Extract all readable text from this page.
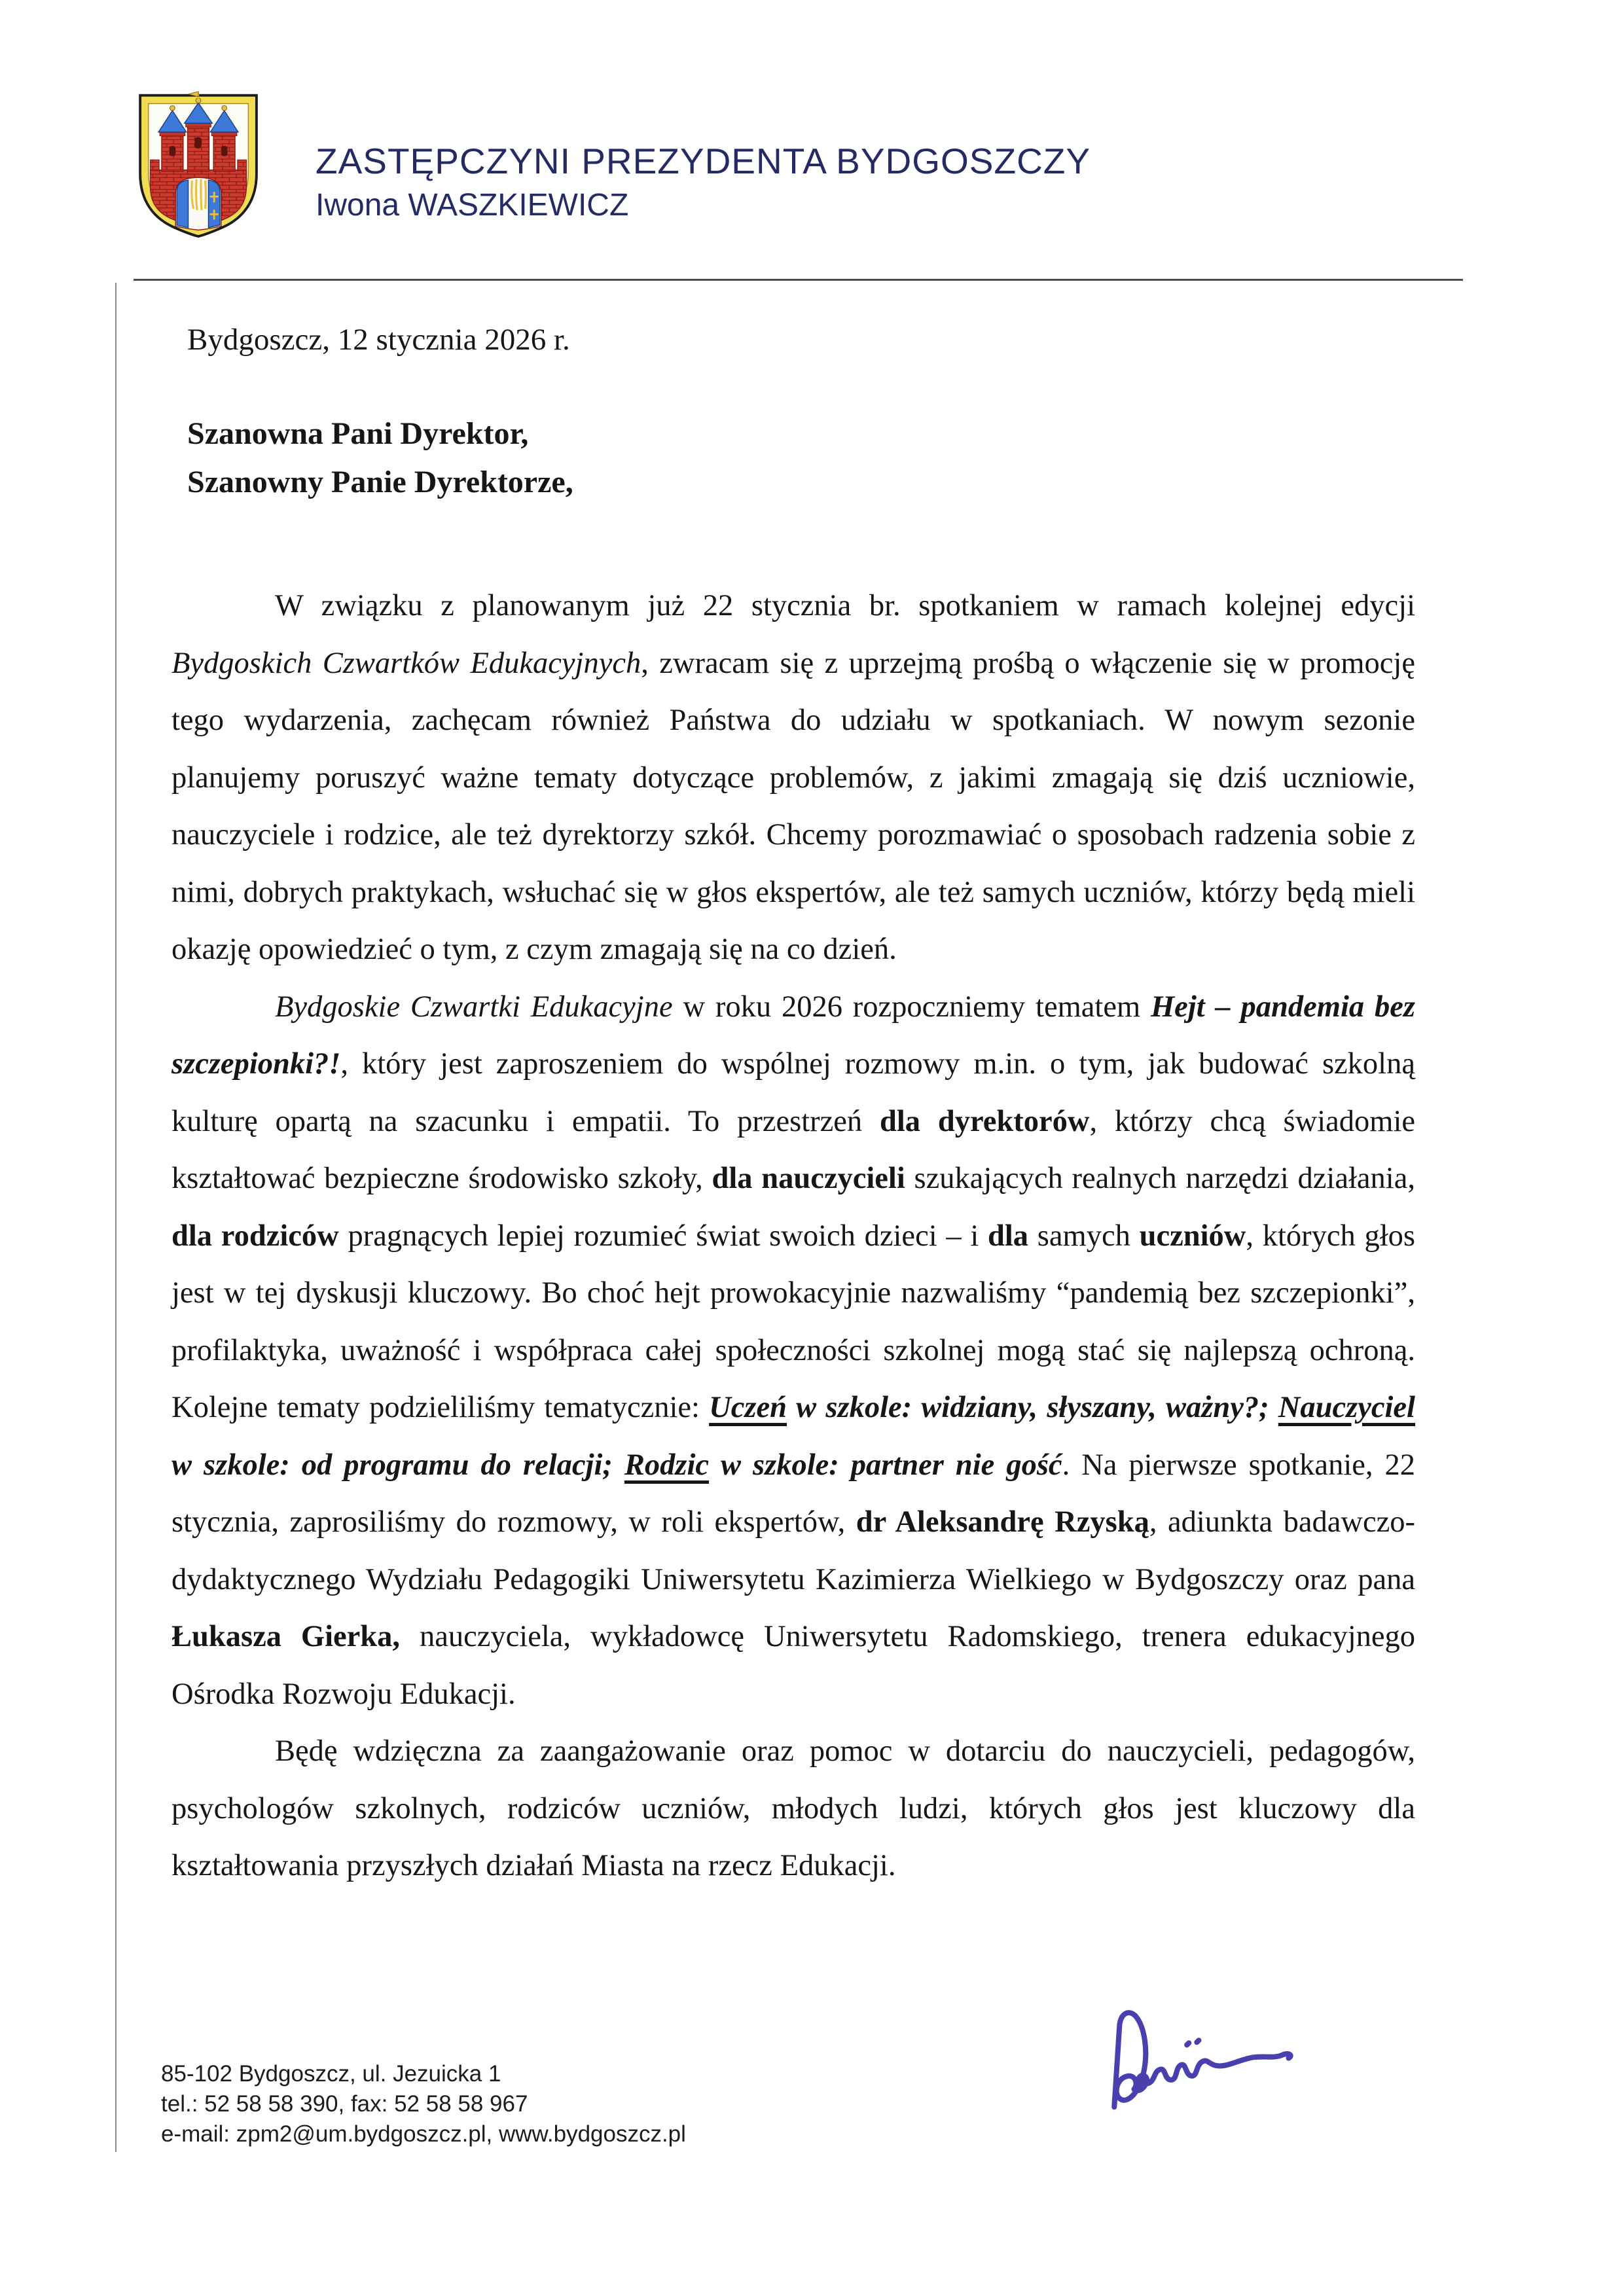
ZASTĘPCZYNI PREZYDENTA BYDGOSZCZY
Iwona WASZKIEWICZ
Bydgoszcz, 12 stycznia 2026 r.
Szanowna Pani Dyrektor,
Szanowny Panie Dyrektorze,

W związku z planowanym już 22 stycznia br. spotkaniem w ramach kolejnej edycji Bydgoskich Czwartków Edukacyjnych, zwracam się z uprzejmą prośbą o włączenie się w promocję tego wydarzenia, zachęcam również Państwa do udziału w spotkaniach. W nowym sezonie planujemy poruszyć ważne tematy dotyczące problemów, z jakimi zmagają się dziś uczniowie, nauczyciele i rodzice, ale też dyrektorzy szkół. Chcemy porozmawiać o sposobach radzenia sobie z nimi, dobrych praktykach, wsłuchać się w głos ekspertów, ale też samych uczniów, którzy będą mieli okazję opowiedzieć o tym, z czym zmagają się na co dzień.

Bydgoskie Czwartki Edukacyjne w roku 2026 rozpoczniemy tematem Hejt – pandemia bez szczepionki?!, który jest zaproszeniem do wspólnej rozmowy m.in. o tym, jak budować szkolną kulturę opartą na szacunku i empatii. To przestrzeń dla dyrektorów, którzy chcą świadomie kształtować bezpieczne środowisko szkoły, dla nauczycieli szukających realnych narzędzi działania, dla rodziców pragnących lepiej rozumieć świat swoich dzieci – i dla samych uczniów, których głos jest w tej dyskusji kluczowy. Bo choć hejt prowokacyjnie nazwaliśmy “pandemią bez szczepionki”, profilaktyka, uważność i współpraca całej społeczności szkolnej mogą stać się najlepszą ochroną. Kolejne tematy podzieliliśmy tematycznie: Uczeń w szkole: widziany, słyszany, ważny?; Nauczyciel w szkole: od programu do relacji; Rodzic w szkole: partner nie gość. Na pierwsze spotkanie, 22 stycznia, zaprosiliśmy do rozmowy, w roli ekspertów, dr Aleksandrę Rzyską, adiunkta badawczo-dydaktycznego Wydziału Pedagogiki Uniwersytetu Kazimierza Wielkiego w Bydgoszczy oraz pana Łukasza Gierka, nauczyciela, wykładowcę Uniwersytetu Radomskiego, trenera edukacyjnego Ośrodka Rozwoju Edukacji.

Będę wdzięczna za zaangażowanie oraz pomoc w dotarciu do nauczycieli, pedagogów, psychologów szkolnych, rodziców uczniów, młodych ludzi, których głos jest kluczowy dla kształtowania przyszłych działań Miasta na rzecz Edukacji.

85-102 Bydgoszcz, ul. Jezuicka 1
tel.: 52 58 58 390, fax: 52 58 58 967
e-mail: zpm2@um.bydgoszcz.pl, www.bydgoszcz.pl
